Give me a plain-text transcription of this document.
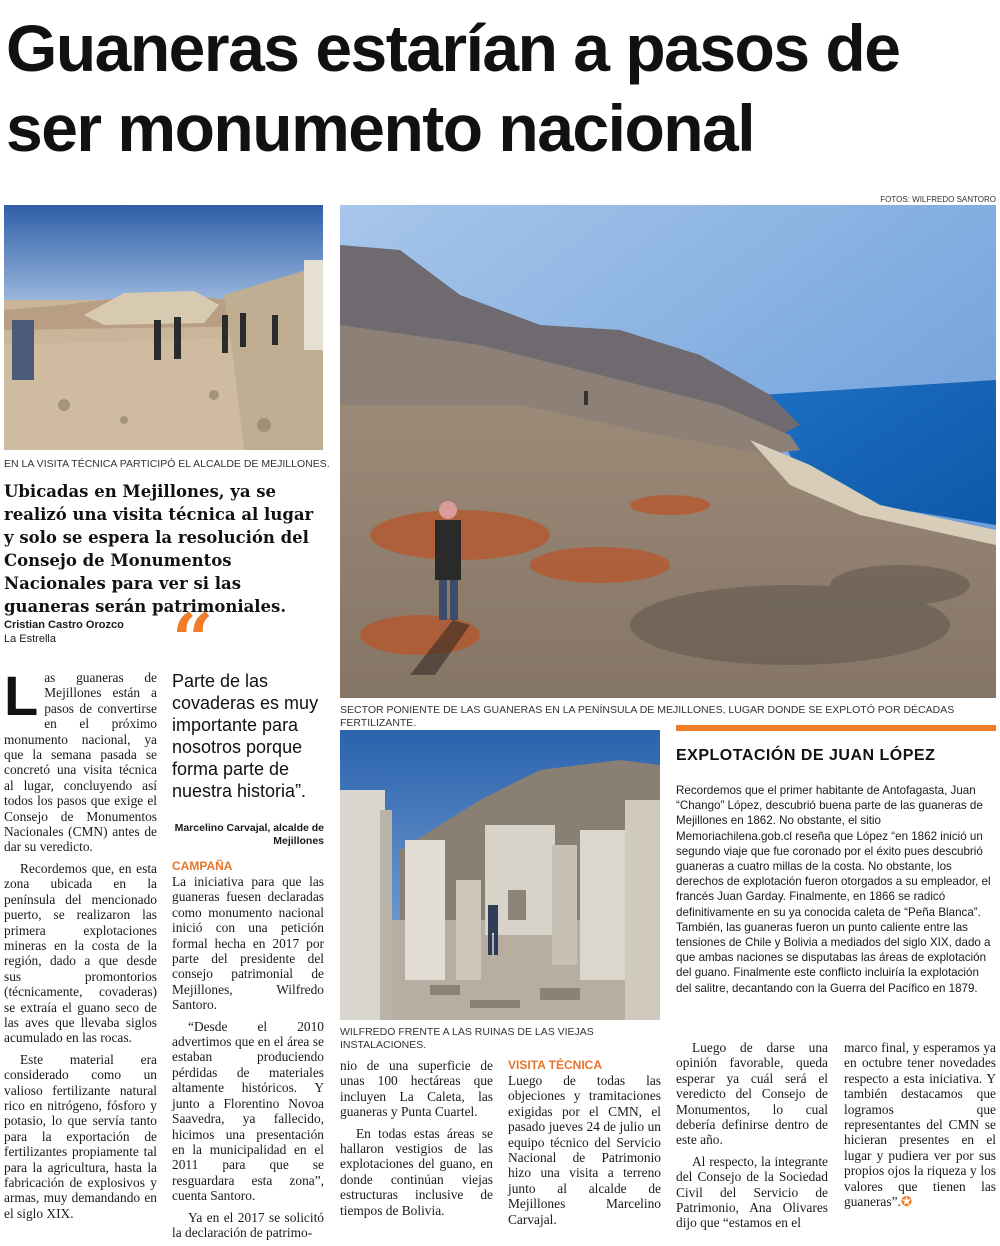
Guaneras estarían a pasos de ser monumento nacional
FOTOS: WILFREDO SANTORO
EN LA VISITA TÉCNICA PARTICIPÓ EL ALCALDE DE MEJILLONES.
SECTOR PONIENTE DE LAS GUANERAS EN LA PENÍNSULA DE MEJILLONES, LUGAR DONDE SE EXPLOTÓ POR DÉCADAS FERTILIZANTE.
WILFREDO FRENTE A LAS RUINAS DE LAS VIEJAS INSTALACIONES.
Ubicadas en Mejillones, ya se realizó una visita técnica al lugar y solo se espera la resolución del Consejo de Monumentos Nacionales para ver si las guaneras serán patrimoniales.
Cristian Castro Orozco
La Estrella

Las guaneras de Mejillones están a pasos de convertirse en el próximo monumento nacional, ya que la semana pasada se concretó una visita técnica al lugar, concluyendo así todos los pasos que exige el Consejo de Monumentos Nacionales (CMN) antes de dar su veredicto.

Recordemos que, en esta zona ubicada en la península del mencionado puerto, se realizaron las primera explotaciones mineras en la costa de la región, dado a que desde sus promontorios (técnicamente, covaderas) se extraía el guano seco de las aves que llevaba siglos acumulado en las rocas.

Este material era considerado como un valioso fertilizante natural rico en nitrógeno, fósforo y potasio, lo que servía tanto para la exportación de fertilizantes propiamente tal para la agricultura, hasta la fabricación de explosivos y armas, muy demandando en el siglo XIX.

“
Parte de las covaderas es muy importante para nosotros porque forma parte de nuestra historia”.
Marcelino Carvajal, alcalde de Mejillones
CAMPAÑA

La iniciativa para que las guaneras fuesen declaradas como monumento nacional inició con una petición formal hecha en 2017 por parte del presidente del consejo patrimonial de Mejillones, Wilfredo Santoro.

“Desde el 2010 advertimos que en el área se estaban produciendo pérdidas de materiales altamente históricos. Y junto a Florentino Novoa Saavedra, ya fallecido, hicimos una presentación en la municipalidad en el 2011 para que se resguardara esta zona”, cuenta Santoro.

Ya en el 2017 se solicitó la declaración de patrimo-

nio de una superficie de unas 100 hectáreas que incluyen La Caleta, las guaneras y Punta Cuartel.

En todas estas áreas se hallaron vestigios de las explotaciones del guano, en donde continúan viejas estructuras inclusive de tiempos de Bolivia.

VISITA TÉCNICA

Luego de todas las objeciones y tramitaciones exigidas por el CMN, el pasado jueves 24 de julio un equipo técnico del Servicio Nacional de Patrimonio hizo una visita a terreno junto al alcalde de Mejillones Marcelino Carvajal.

EXPLOTACIÓN DE JUAN LÓPEZ

Recordemos que el primer habitante de Antofagasta, Juan “Chango” López, descubrió buena parte de las guaneras de Mejillones en 1862. No obstante, el sitio Memoriachilena.gob.cl reseña que López “en 1862 inició un segundo viaje que fue coronado por el éxito pues descubrió guaneras a cuatro millas de la costa. No obstante, los derechos de explotación fueron otorgados a su empleador, el francés Juan Garday. Finalmente, en 1866 se radicó definitivamente en su ya conocida caleta de “Peña Blanca”.

También, las guaneras fueron un punto caliente entre las tensiones de Chile y Bolivia a mediados del siglo XIX, dado a que ambas naciones se disputabas las áreas de explotación del guano. Finalmente este conflicto incluiría la explotación del salitre, decantando con la Guerra del Pacífico en 1879.

Luego de darse una opinión favorable, queda esperar ya cuál será el veredicto del Consejo de Monumentos, lo cual debería definirse dentro de este año.

Al respecto, la integrante del Consejo de la Sociedad Civil del Servicio de Patrimonio, Ana Olivares dijo que “estamos en el

marco final, y esperamos ya en octubre tener novedades respecto a esta iniciativa. Y también destacamos que logramos que representantes del CMN se hicieran presentes en el lugar y pudiera ver por sus propios ojos la riqueza y los valores que tienen las guaneras”.✪
